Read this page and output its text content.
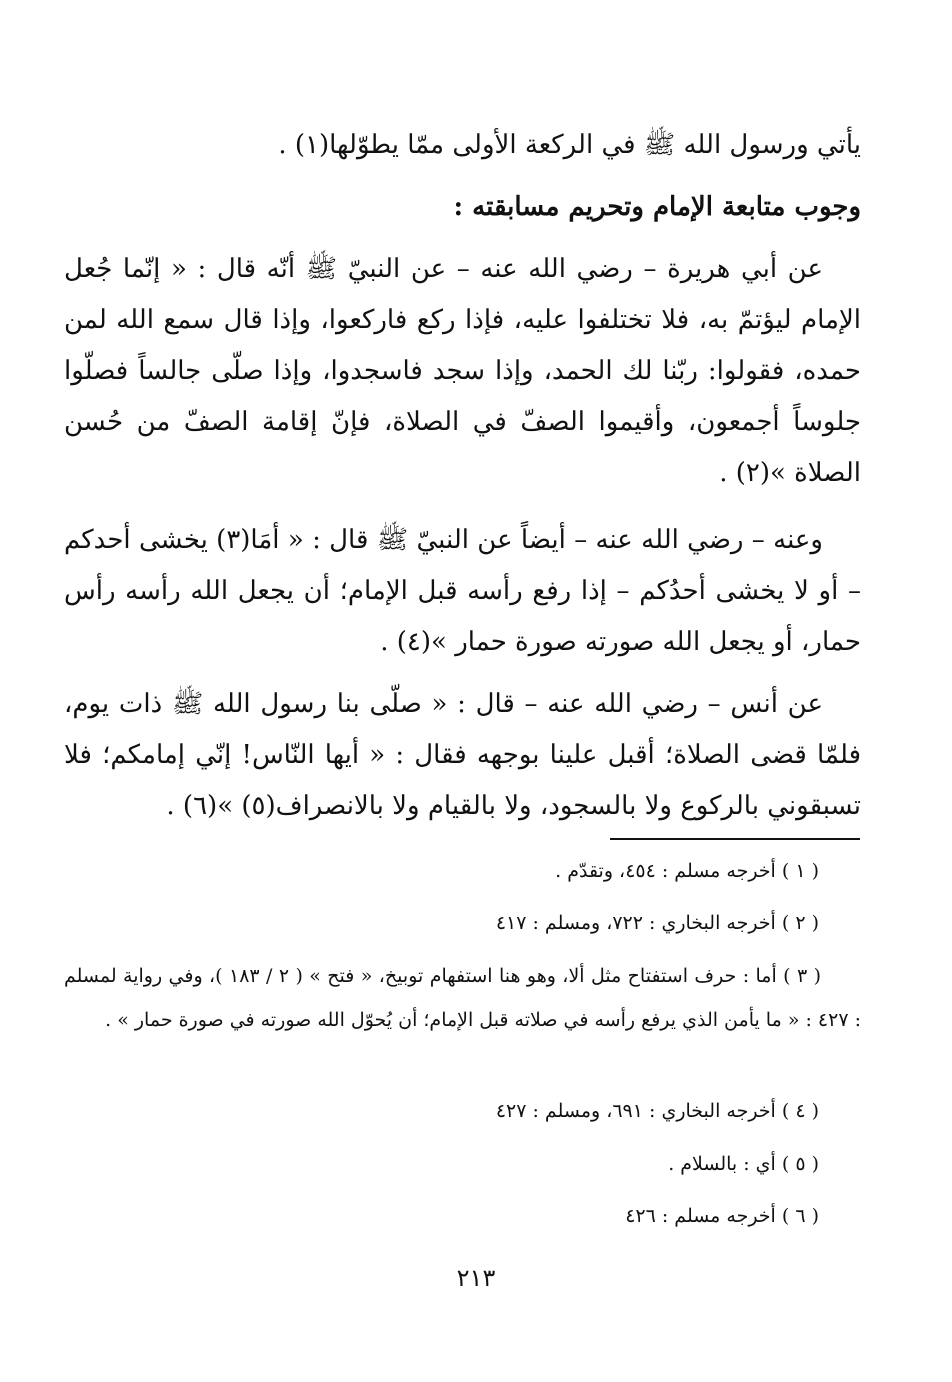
يأتي ورسول الله ﷺ في الركعة الأولى ممّا يطوّلها(١) .
وجوب متابعة الإمام وتحريم مسابقته :
عن أبي هريرة – رضي الله عنه – عن النبيّ ﷺ أنّه قال : « إنّما جُعل الإمام ليؤتمّ به، فلا تختلفوا عليه، فإذا ركع فاركعوا، وإذا قال سمع الله لمن حمده، فقولوا: ربّنا لك الحمد، وإذا سجد فاسجدوا، وإذا صلّى جالساً فصلّوا جلوساً أجمعون، وأقيموا الصفّ في الصلاة، فإنّ إقامة الصفّ من حُسن الصلاة »(٢) .
وعنه – رضي الله عنه – أيضاً عن النبيّ ﷺ قال : « أمَا(٣) يخشى أحدكم – أو لا يخشى أحدُكم – إذا رفع رأسه قبل الإمام؛ أن يجعل الله رأسه رأس حمار، أو يجعل الله صورته صورة حمار »(٤) .
عن أنس – رضي الله عنه – قال : « صلّى بنا رسول الله ﷺ ذات يوم، فلمّا قضى الصلاة؛ أقبل علينا بوجهه فقال : « أيها النّاس! إنّي إمامكم؛ فلا تسبقوني بالركوع ولا بالسجود، ولا بالقيام ولا بالانصراف(٥) »(٦) .
( ١ ) أخرجه مسلم : ٤٥٤، وتقدّم .
( ٢ ) أخرجه البخاري : ٧٢٢، ومسلم : ٤١٧
( ٣ ) أما : حرف استفتاح مثل ألا، وهو هنا استفهام توبيخ، « فتح » ( ٢ / ١٨٣ )، وفي رواية لمسلم : ٤٢٧ : « ما يأمن الذي يرفع رأسه في صلاته قبل الإمام؛ أن يُحوّل الله صورته في صورة حمار » .
( ٤ ) أخرجه البخاري : ٦٩١، ومسلم : ٤٢٧
( ٥ ) أي : بالسلام .
( ٦ ) أخرجه مسلم : ٤٢٦
٢١٣
